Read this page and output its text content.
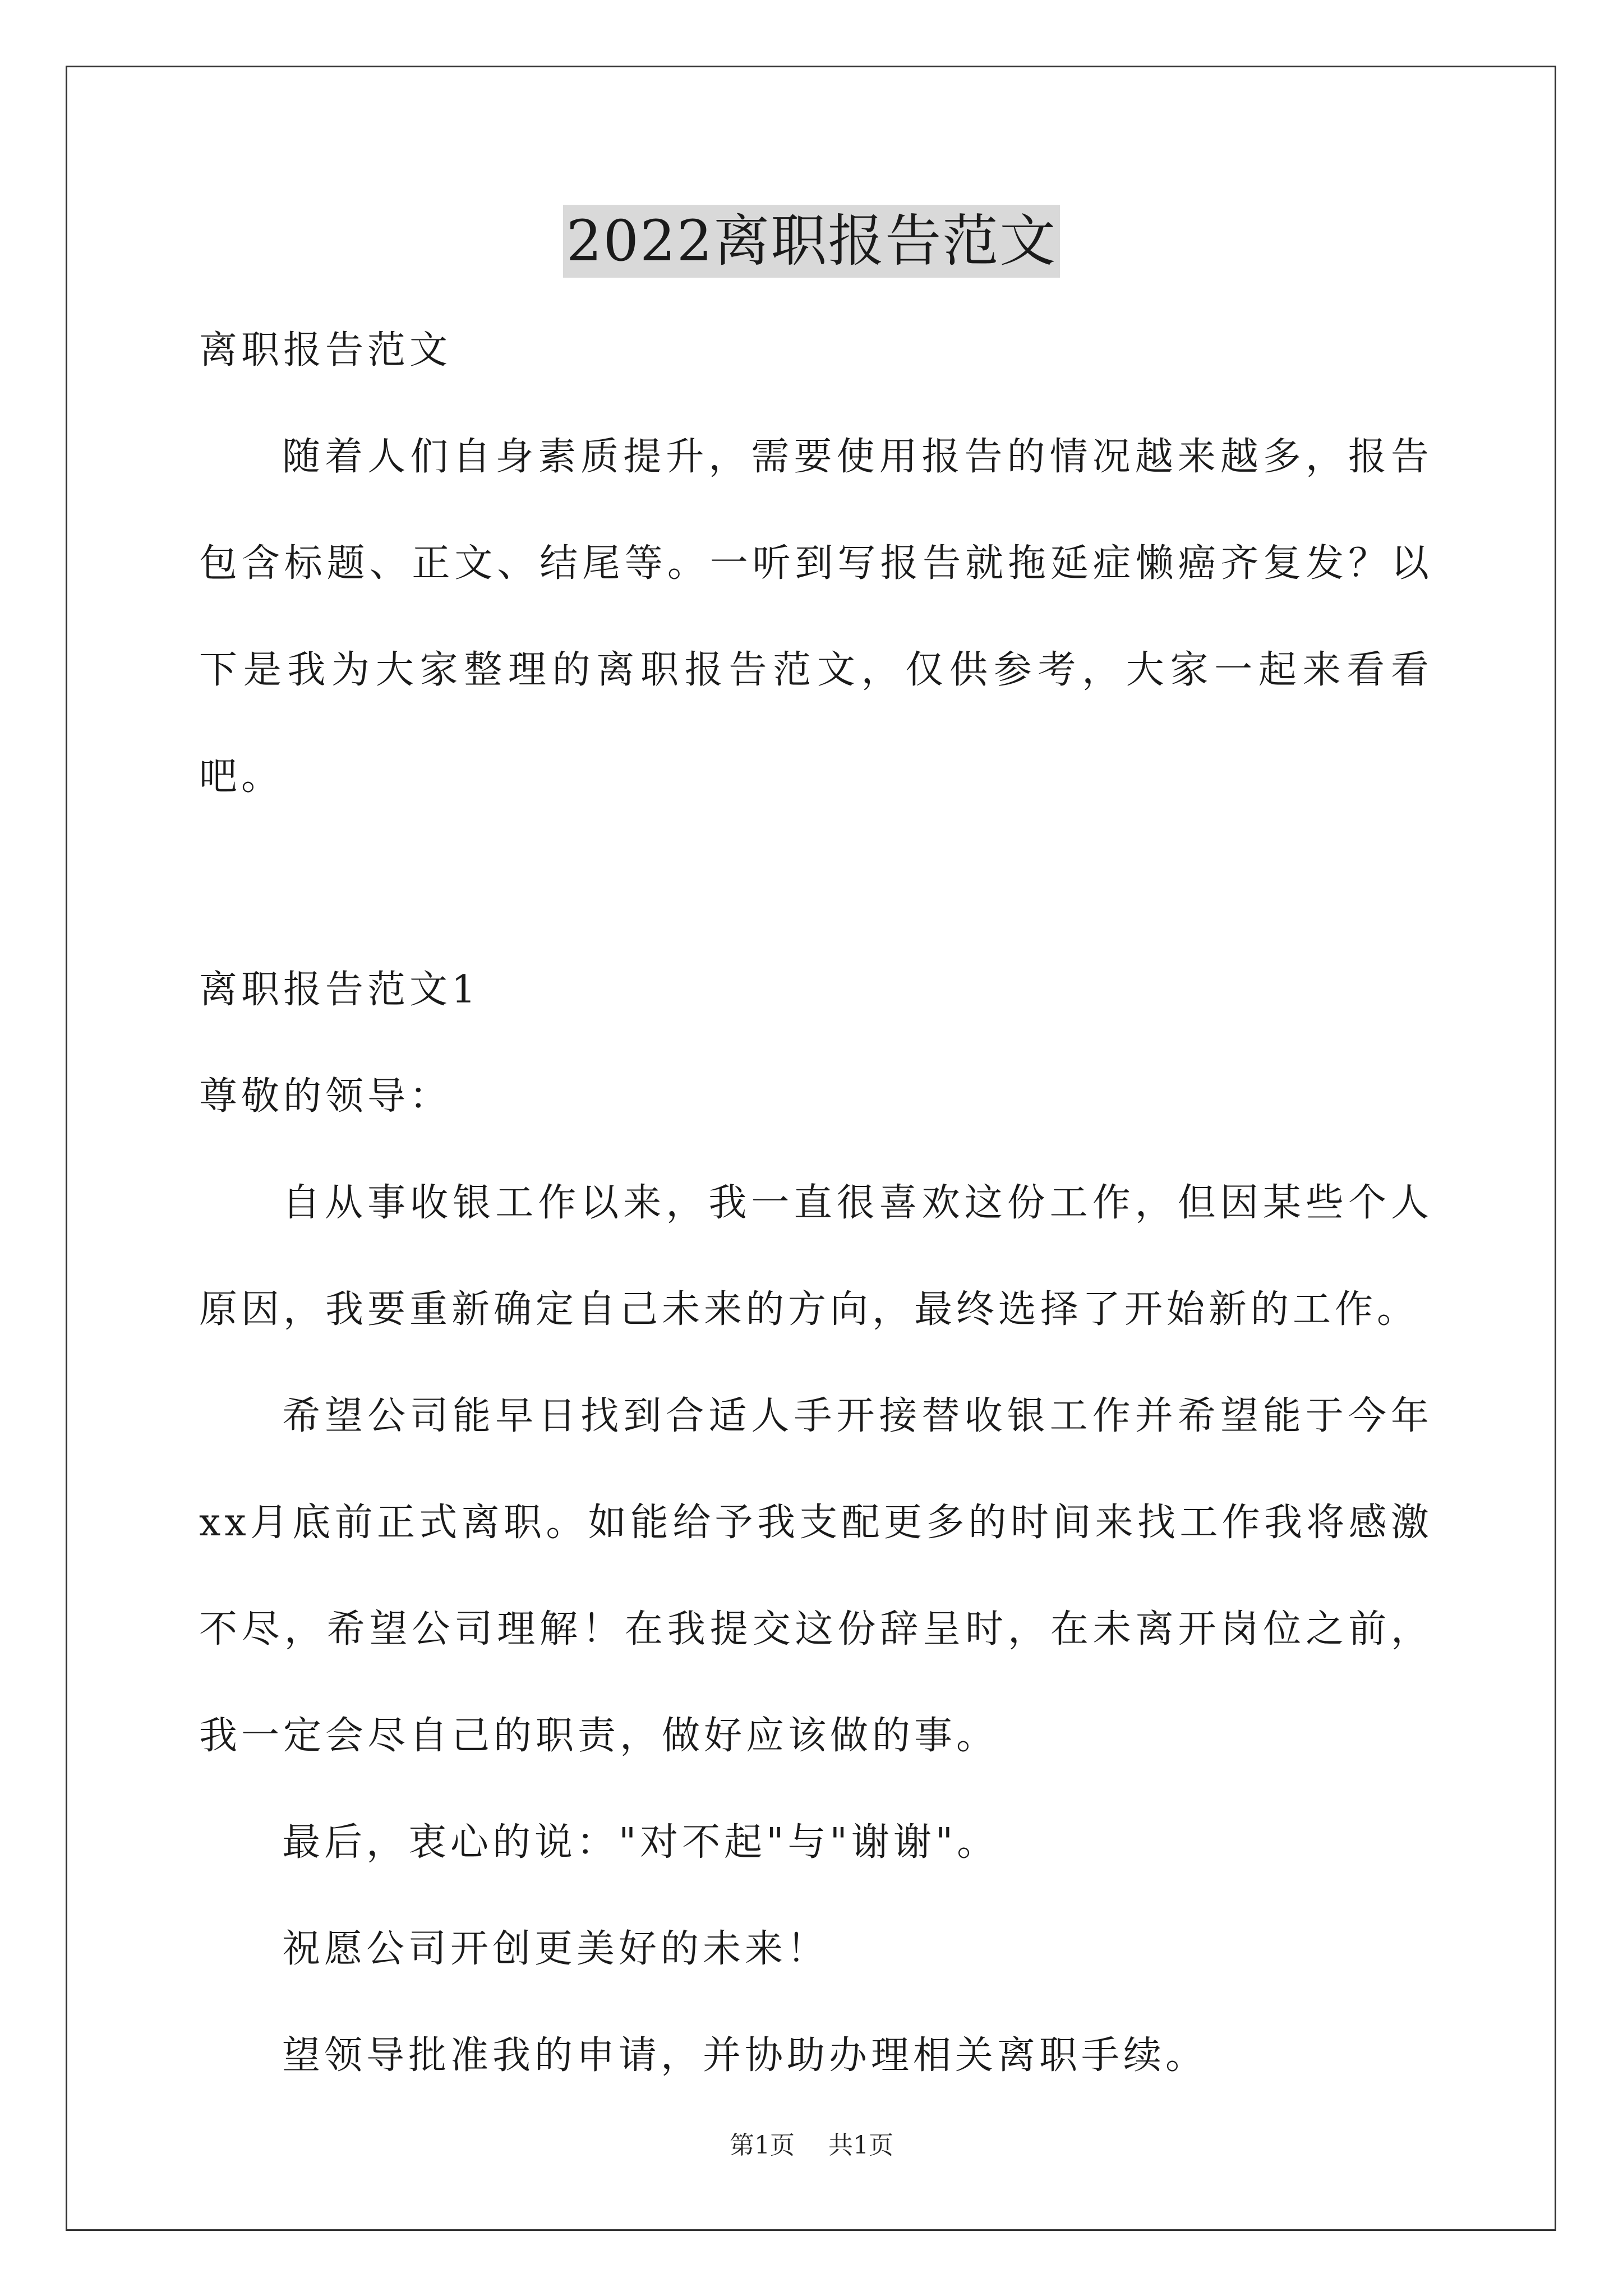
2022离职报告范文

离职报告范文

随着人们自身素质提升，需要使用报告的情况越来越多，报告包含标题、正文、结尾等。一听到写报告就拖延症懒癌齐复发？以下是我为大家整理的离职报告范文，仅供参考，大家一起来看看吧。

离职报告范文1

尊敬的领导：

自从事收银工作以来，我一直很喜欢这份工作，但因某些个人原因，我要重新确定自己未来的方向，最终选择了开始新的工作。

希望公司能早日找到合适人手开接替收银工作并希望能于今年xx月底前正式离职。如能给予我支配更多的时间来找工作我将感激不尽，希望公司理解！在我提交这份辞呈时，在未离开岗位之前，我一定会尽自己的职责，做好应该做的事。

最后，衷心的说："对不起"与"谢谢"。

祝愿公司开创更美好的未来！

望领导批准我的申请，并协助办理相关离职手续。

第1页 共1页
